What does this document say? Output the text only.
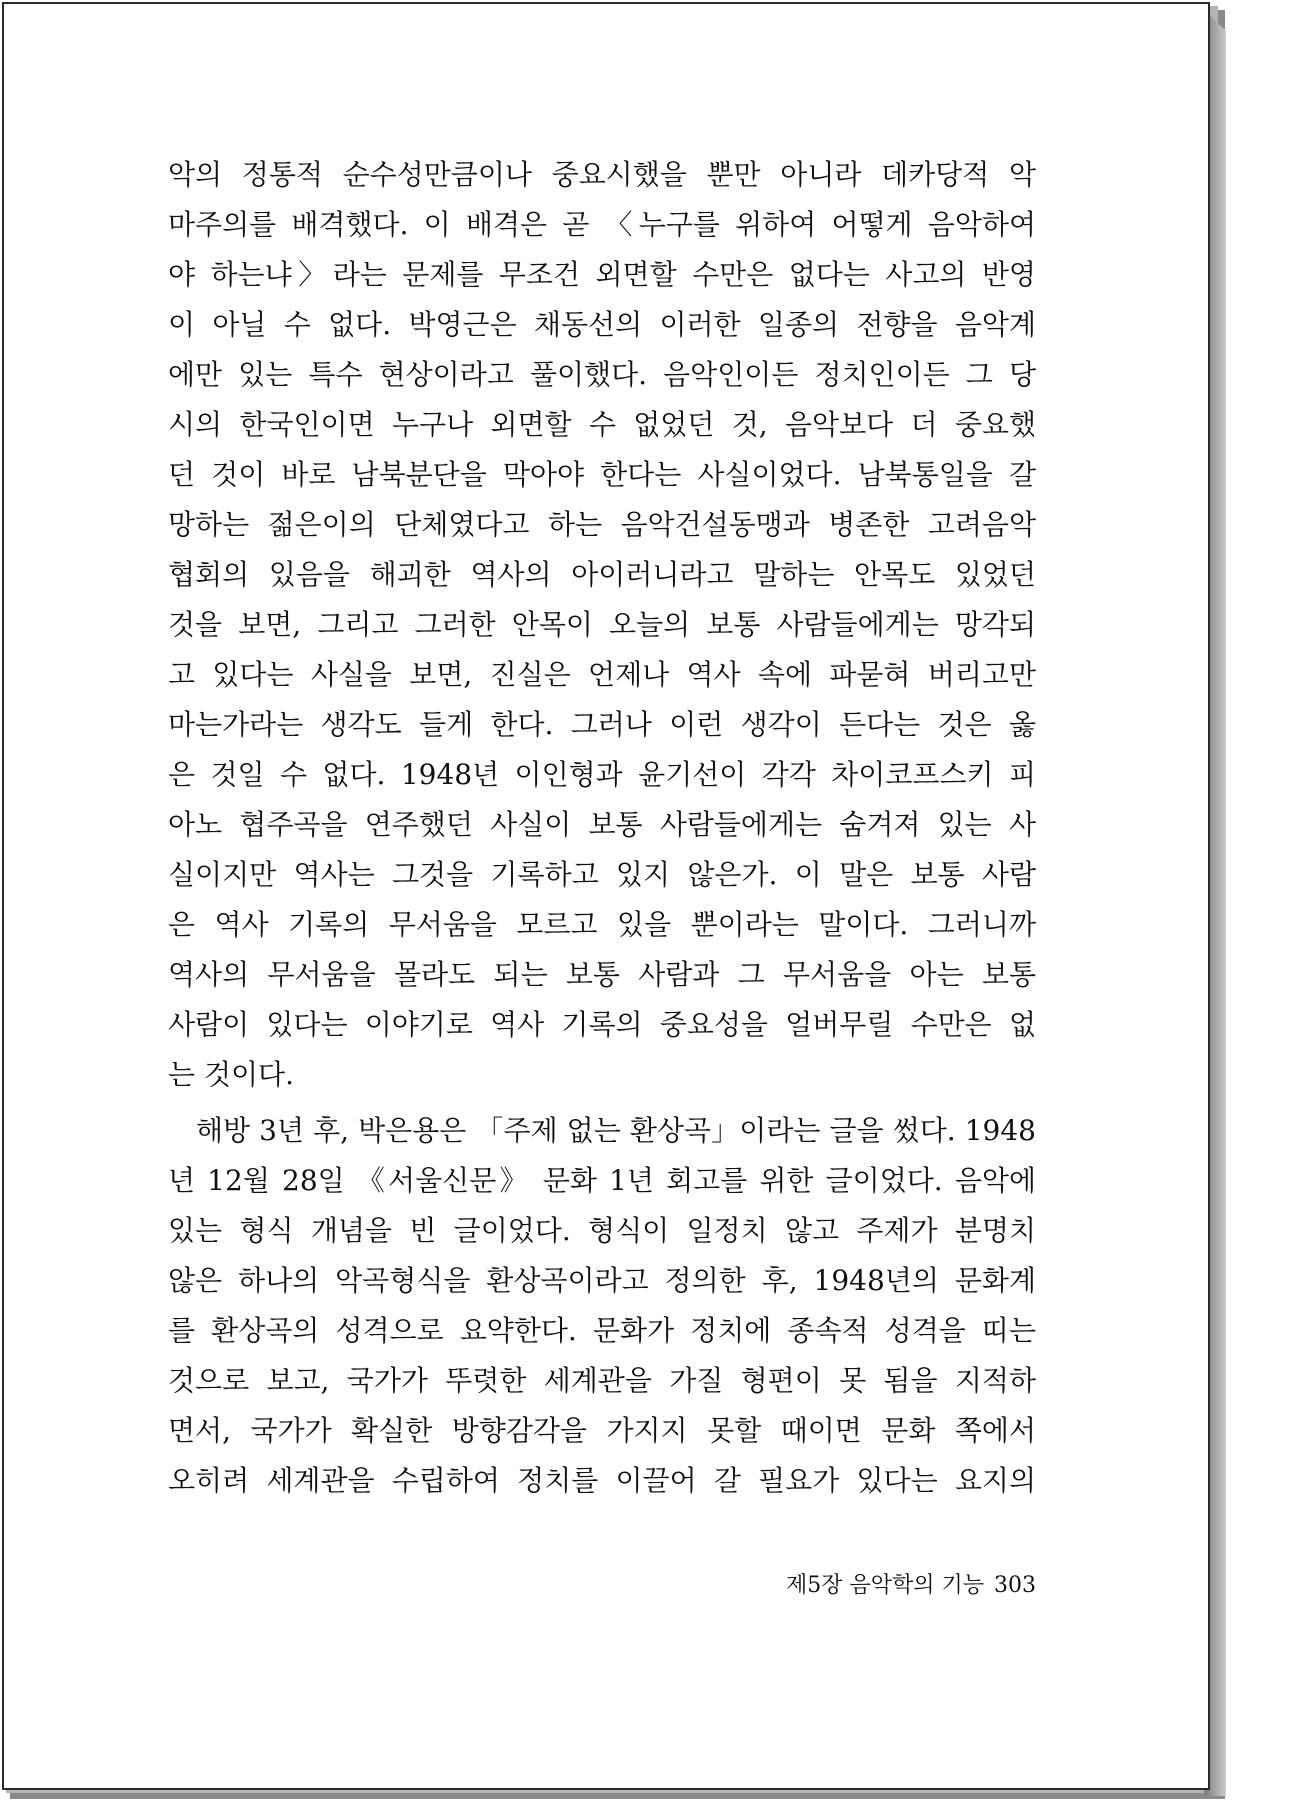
악의 정통적 순수성만큼이나 중요시했을 뿐만 아니라 데카당적 악
마주의를 배격했다. 이 배격은 곧 〈누구를 위하여 어떻게 음악하여
야 하는냐〉라는 문제를 무조건 외면할 수만은 없다는 사고의 반영
이 아닐 수 없다. 박영근은 채동선의 이러한 일종의 전향을 음악계
에만 있는 특수 현상이라고 풀이했다. 음악인이든 정치인이든 그 당
시의 한국인이면 누구나 외면할 수 없었던 것, 음악보다 더 중요했
던 것이 바로 남북분단을 막아야 한다는 사실이었다. 남북통일을 갈
망하는 젊은이의 단체였다고 하는 음악건설동맹과 병존한 고려음악
협회의 있음을 해괴한 역사의 아이러니라고 말하는 안목도 있었던
것을 보면, 그리고 그러한 안목이 오늘의 보통 사람들에게는 망각되
고 있다는 사실을 보면, 진실은 언제나 역사 속에 파묻혀 버리고만
마는가라는 생각도 들게 한다. 그러나 이런 생각이 든다는 것은 옳
은 것일 수 없다. 1948년 이인형과 윤기선이 각각 차이코프스키 피
아노 협주곡을 연주했던 사실이 보통 사람들에게는 숨겨져 있는 사
실이지만 역사는 그것을 기록하고 있지 않은가. 이 말은 보통 사람
은 역사 기록의 무서움을 모르고 있을 뿐이라는 말이다. 그러니까
역사의 무서움을 몰라도 되는 보통 사람과 그 무서움을 아는 보통
사람이 있다는 이야기로 역사 기록의 중요성을 얼버무릴 수만은 없
는 것이다.
해방 3년 후, 박은용은 「주제 없는 환상곡」이라는 글을 썼다. 1948
년 12월 28일 《서울신문》 문화 1년 회고를 위한 글이었다. 음악에
있는 형식 개념을 빈 글이었다. 형식이 일정치 않고 주제가 분명치
않은 하나의 악곡형식을 환상곡이라고 정의한 후, 1948년의 문화계
를 환상곡의 성격으로 요약한다. 문화가 정치에 종속적 성격을 띠는
것으로 보고, 국가가 뚜렷한 세계관을 가질 형편이 못 됨을 지적하
면서, 국가가 확실한 방향감각을 가지지 못할 때이면 문화 쪽에서
오히려 세계관을 수립하여 정치를 이끌어 갈 필요가 있다는 요지의
제5장 음악학의 기능 303
